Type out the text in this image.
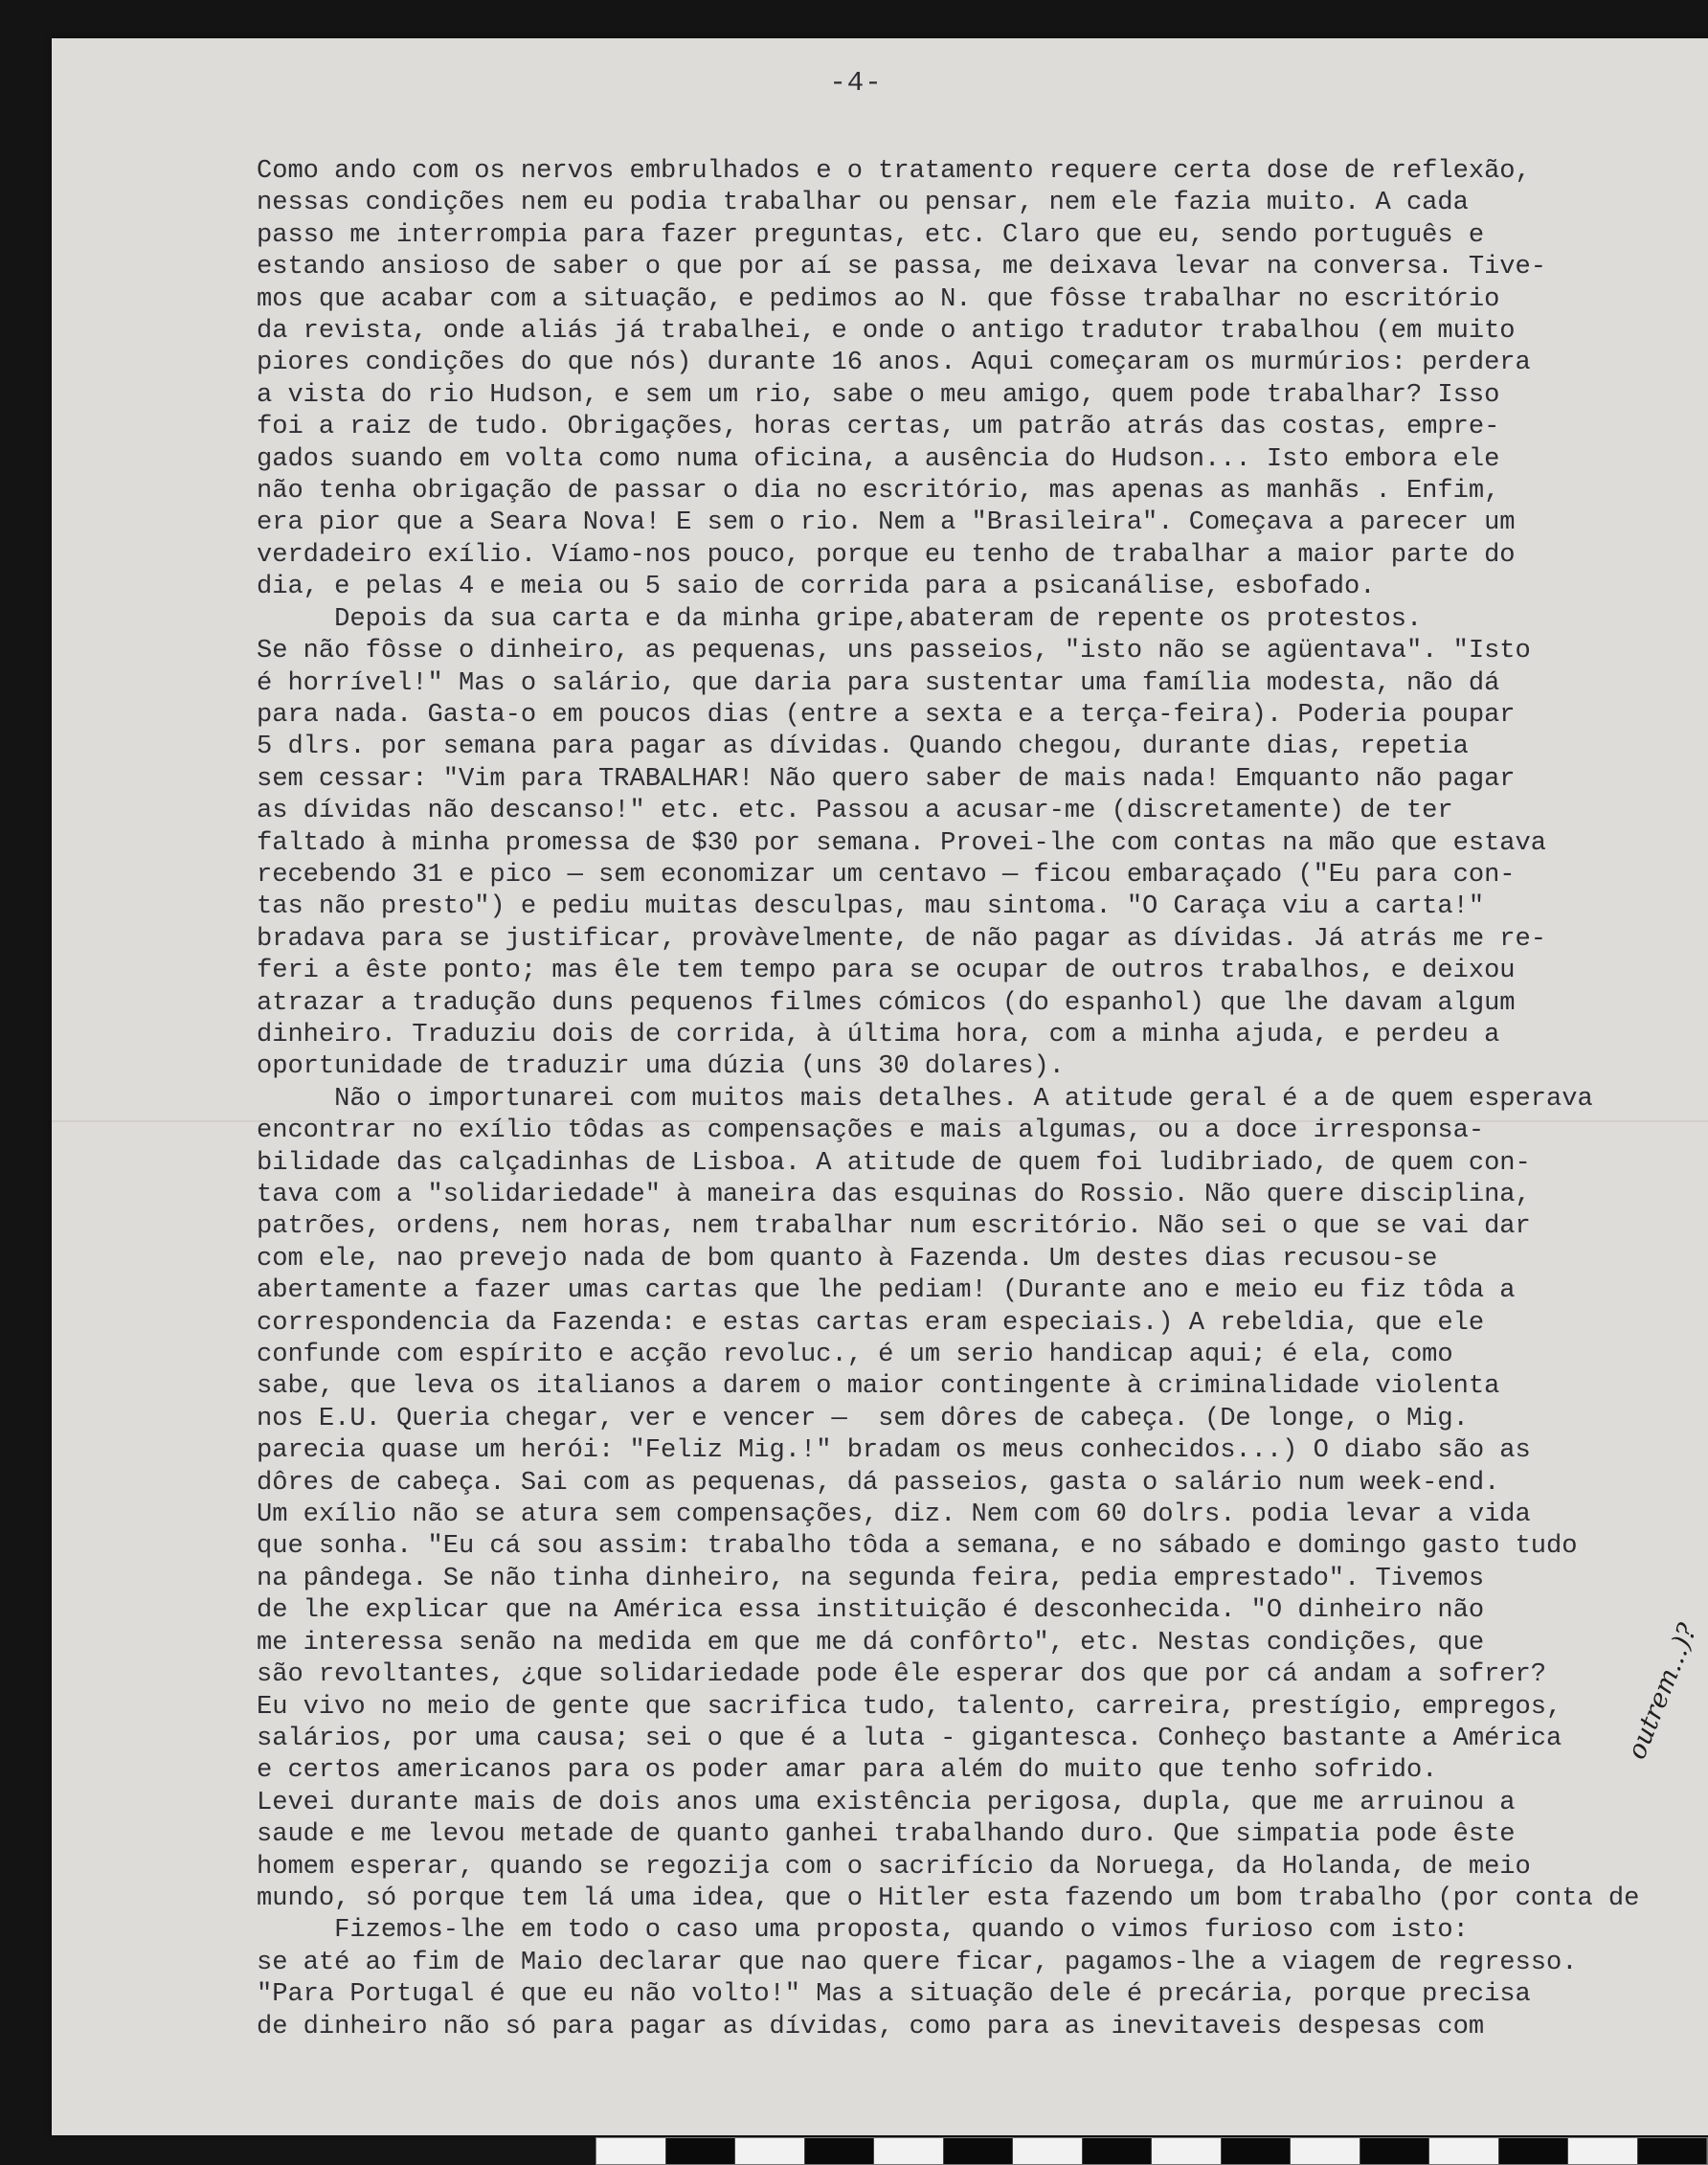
-4-
Como ando com os nervos embrulhados e o tratamento requere certa dose de reflexão,
nessas condições nem eu podia trabalhar ou pensar, nem ele fazia muito. A cada
passo me interrompia para fazer preguntas, etc. Claro que eu, sendo português e
estando ansioso de saber o que por aí se passa, me deixava levar na conversa. Tive-
mos que acabar com a situação, e pedimos ao N. que fôsse trabalhar no escritório
da revista, onde aliás já trabalhei, e onde o antigo tradutor trabalhou (em muito
piores condições do que nós) durante 16 anos. Aqui começaram os murmúrios: perdera
a vista do rio Hudson, e sem um rio, sabe o meu amigo, quem pode trabalhar? Isso
foi a raiz de tudo. Obrigações, horas certas, um patrão atrás das costas, empre-
gados suando em volta como numa oficina, a ausência do Hudson... Isto embora ele
não tenha obrigação de passar o dia no escritório, mas apenas as manhãs . Enfim,
era pior que a Seara Nova! E sem o rio. Nem a "Brasileira". Começava a parecer um
verdadeiro exílio. Víamo-nos pouco, porque eu tenho de trabalhar a maior parte do
dia, e pelas 4 e meia ou 5 saio de corrida para a psicanálise, esbofado.
Depois da sua carta e da minha gripe,abateram de repente os protestos.
Se não fôsse o dinheiro, as pequenas, uns passeios, "isto não se agüentava". "Isto
é horrível!" Mas o salário, que daria para sustentar uma família modesta, não dá
para nada. Gasta-o em poucos dias (entre a sexta e a terça-feira). Poderia poupar
5 dlrs. por semana para pagar as dívidas. Quando chegou, durante dias, repetia
sem cessar: "Vim para TRABALHAR! Não quero saber de mais nada! Emquanto não pagar
as dívidas não descanso!" etc. etc. Passou a acusar-me (discretamente) de ter
faltado à minha promessa de $30 por semana. Provei-lhe com contas na mão que estava
recebendo 31 e pico — sem economizar um centavo — ficou embaraçado ("Eu para con-
tas não presto") e pediu muitas desculpas, mau sintoma. "O Caraça viu a carta!"
bradava para se justificar, provàvelmente, de não pagar as dívidas. Já atrás me re-
feri a êste ponto; mas êle tem tempo para se ocupar de outros trabalhos, e deixou
atrazar a tradução duns pequenos filmes cómicos (do espanhol) que lhe davam algum
dinheiro. Traduziu dois de corrida, à última hora, com a minha ajuda, e perdeu a
oportunidade de traduzir uma dúzia (uns 30 dolares).
Não o importunarei com muitos mais detalhes. A atitude geral é a de quem esperava
encontrar no exílio tôdas as compensações e mais algumas, ou a doce irresponsa-
bilidade das calçadinhas de Lisboa. A atitude de quem foi ludibriado, de quem con-
tava com a "solidariedade" à maneira das esquinas do Rossio. Não quere disciplina,
patrões, ordens, nem horas, nem trabalhar num escritório. Não sei o que se vai dar
com ele, nao prevejo nada de bom quanto à Fazenda. Um destes dias recusou-se
abertamente a fazer umas cartas que lhe pediam! (Durante ano e meio eu fiz tôda a
correspondencia da Fazenda: e estas cartas eram especiais.) A rebeldia, que ele
confunde com espírito e acção revoluc., é um serio handicap aqui; é ela, como
sabe, que leva os italianos a darem o maior contingente à criminalidade violenta
nos E.U. Queria chegar, ver e vencer —  sem dôres de cabeça. (De longe, o Mig.
parecia quase um herói: "Feliz Mig.!" bradam os meus conhecidos...) O diabo são as
dôres de cabeça. Sai com as pequenas, dá passeios, gasta o salário num week-end.
Um exílio não se atura sem compensações, diz. Nem com 60 dolrs. podia levar a vida
que sonha. "Eu cá sou assim: trabalho tôda a semana, e no sábado e domingo gasto tudo
na pândega. Se não tinha dinheiro, na segunda feira, pedia emprestado". Tivemos
de lhe explicar que na América essa instituição é desconhecida. "O dinheiro não
me interessa senão na medida em que me dá confôrto", etc. Nestas condições, que
são revoltantes, ¿que solidariedade pode êle esperar dos que por cá andam a sofrer?
Eu vivo no meio de gente que sacrifica tudo, talento, carreira, prestígio, empregos,
salários, por uma causa; sei o que é a luta - gigantesca. Conheço bastante a América
e certos americanos para os poder amar para além do muito que tenho sofrido.
Levei durante mais de dois anos uma existência perigosa, dupla, que me arruinou a
saude e me levou metade de quanto ganhei trabalhando duro. Que simpatia pode êste
homem esperar, quando se regozija com o sacrifício da Noruega, da Holanda, de meio
mundo, só porque tem lá uma idea, que o Hitler esta fazendo um bom trabalho (por conta de
Fizemos-lhe em todo o caso uma proposta, quando o vimos furioso com isto:
se até ao fim de Maio declarar que nao quere ficar, pagamos-lhe a viagem de regresso.
"Para Portugal é que eu não volto!" Mas a situação dele é precária, porque precisa
de dinheiro não só para pagar as dívidas, como para as inevitaveis despesas com

outrem...)?
